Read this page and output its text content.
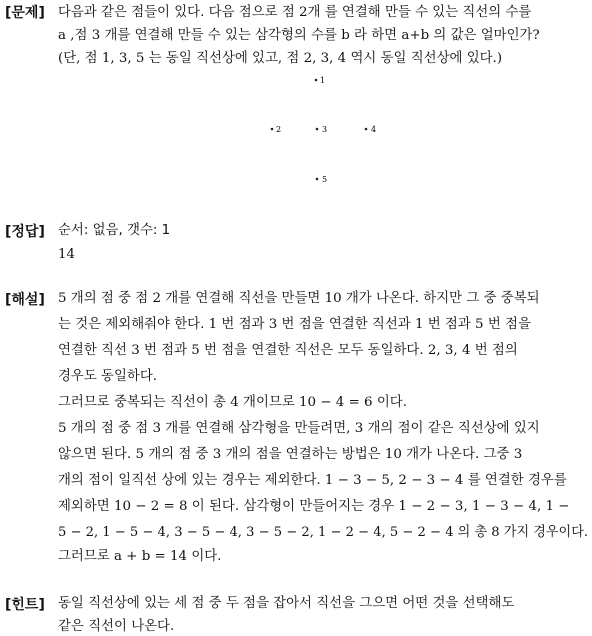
[문제] 다음과 같은 점들이 있다. 다음 점으로 점 2개 를 연결해 만들 수 있는 직선의 수를
a ,점 3 개를 연결해 만들 수 있는 삼각형의 수를 b 라 하면 a+b 의 값은 얼마인가?
(단, 점 1, 3, 5 는 동일 직선상에 있고, 점 2, 3, 4 역시 동일 직선상에 있다.)
1
2	3	4
5
[정답] 순서: 없음, 갯수: 1
14
[해설] 5 개의 점 중 점 2 개를 연결해 직선을 만들면 10 개가 나온다. 하지만 그 중 중복되
는 것은 제외해줘야 한다. 1 번 점과 3 번 점을 연결한 직선과 1 번 점과 5 번 점을
연결한 직선 3 번 점과 5 번 점을 연결한 직선은 모두 동일하다. 2, 3, 4 번 점의
경우도 동일하다.
그러므로 중복되는 직선이 총 4 개이므로 10 − 4 = 6 이다.
5 개의 점 중 점 3 개를 연결해 삼각형을 만들려면, 3 개의 점이 같은 직선상에 있지
않으면 된다. 5 개의 점 중 3 개의 점을 연결하는 방법은 10 개가 나온다. 그중 3
개의 점이 일직선 상에 있는 경우는 제외한다. 1 − 3 − 5, 2 − 3 − 4 를 연결한 경우를
제외하면 10 − 2 = 8 이 된다. 삼각형이 만들어지는 경우 1 − 2 − 3, 1 − 3 − 4, 1 −
5 − 2, 1 − 5 − 4, 3 − 5 − 4, 3 − 5 − 2, 1 − 2 − 4, 5 − 2 − 4 의 총 8 가지 경우이다.
그러므로 a + b = 14 이다.
[힌트] 동일 직선상에 있는 세 점 중 두 점을 잡아서 직선을 그으면 어떤 것을 선택해도
같은 직선이 나온다.
